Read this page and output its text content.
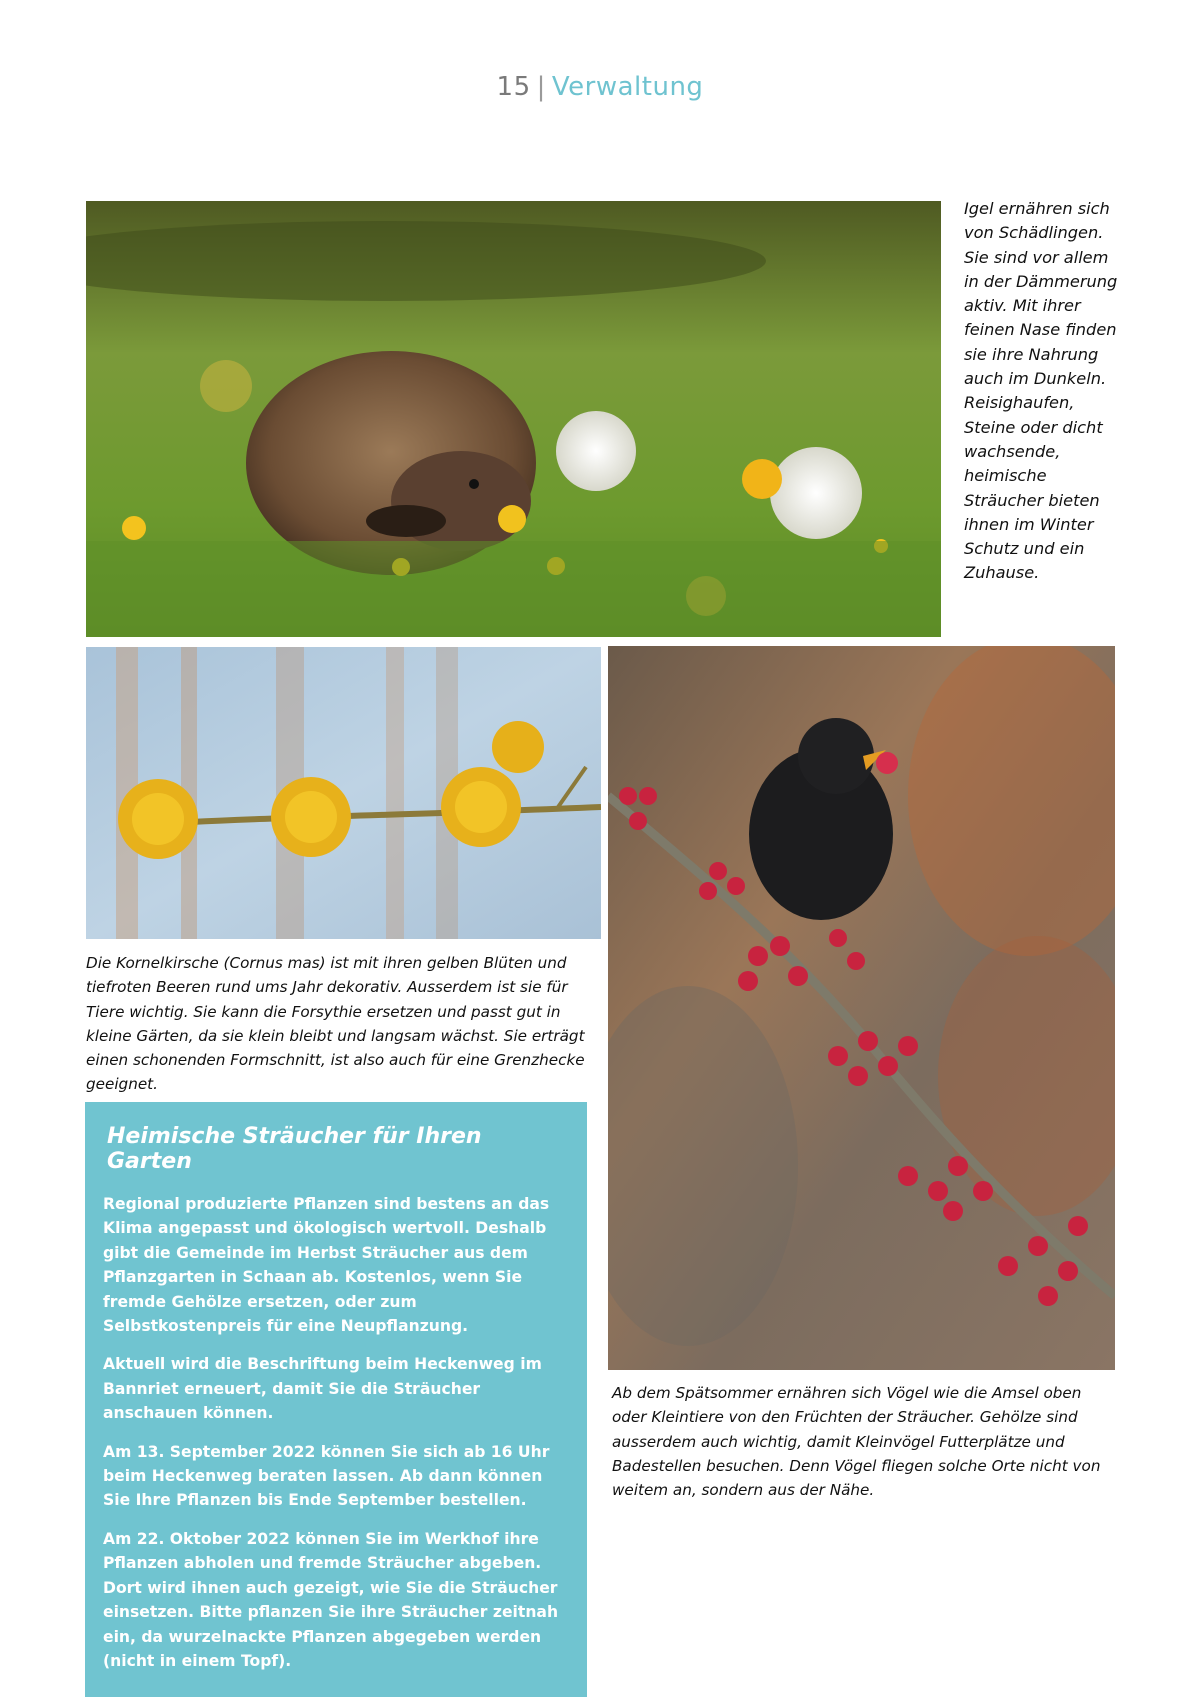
15 | Verwaltung
Igel ernähren sich von Schädlingen. Sie sind vor allem in der Dämmerung aktiv. Mit ihrer feinen Nase finden sie ihre Nahrung auch im Dunkeln. Reisighaufen, Steine oder dicht wachsende, heimische Sträucher bieten ihnen im Winter Schutz und ein Zuhause.
Die Kornelkirsche (Cornus mas) ist mit ihren gelben Blüten und tiefroten Beeren rund ums Jahr dekorativ. Ausserdem ist sie für Tiere wichtig. Sie kann die Forsythie ersetzen und passt gut in kleine Gärten, da sie klein bleibt und langsam wächst. Sie erträgt einen schonenden Formschnitt, ist also auch für eine Grenzhecke geeignet.
Ab dem Spätsommer ernähren sich Vögel wie die Amsel oben oder Kleintiere von den Früchten der Sträucher. Gehölze sind ausserdem auch wichtig, damit Kleinvögel Futterplätze und Badestellen besuchen. Denn Vögel fliegen solche Orte nicht von weitem an, sondern aus der Nähe.
Heimische Sträucher für Ihren Garten

Regional produzierte Pflanzen sind bestens an das Klima angepasst und ökologisch wertvoll. Deshalb gibt die Gemeinde im Herbst Sträucher aus dem Pflanzgarten in Schaan ab. Kostenlos, wenn Sie fremde Gehölze ersetzen, oder zum Selbstkostenpreis für eine Neupflanzung.

Aktuell wird die Beschriftung beim Heckenweg im Bannriet erneuert, damit Sie die Sträucher anschauen können.

Am 13. September 2022 können Sie sich ab 16 Uhr beim Heckenweg beraten lassen. Ab dann können Sie Ihre Pflanzen bis Ende September bestellen.

Am 22. Oktober 2022 können Sie im Werkhof ihre Pflanzen abholen und fremde Sträucher abgeben. Dort wird ihnen auch gezeigt, wie Sie die Sträucher einsetzen. Bitte pflanzen Sie ihre Sträucher zeitnah ein, da wurzelnackte Pflanzen abgegeben werden (nicht in einem Topf).
